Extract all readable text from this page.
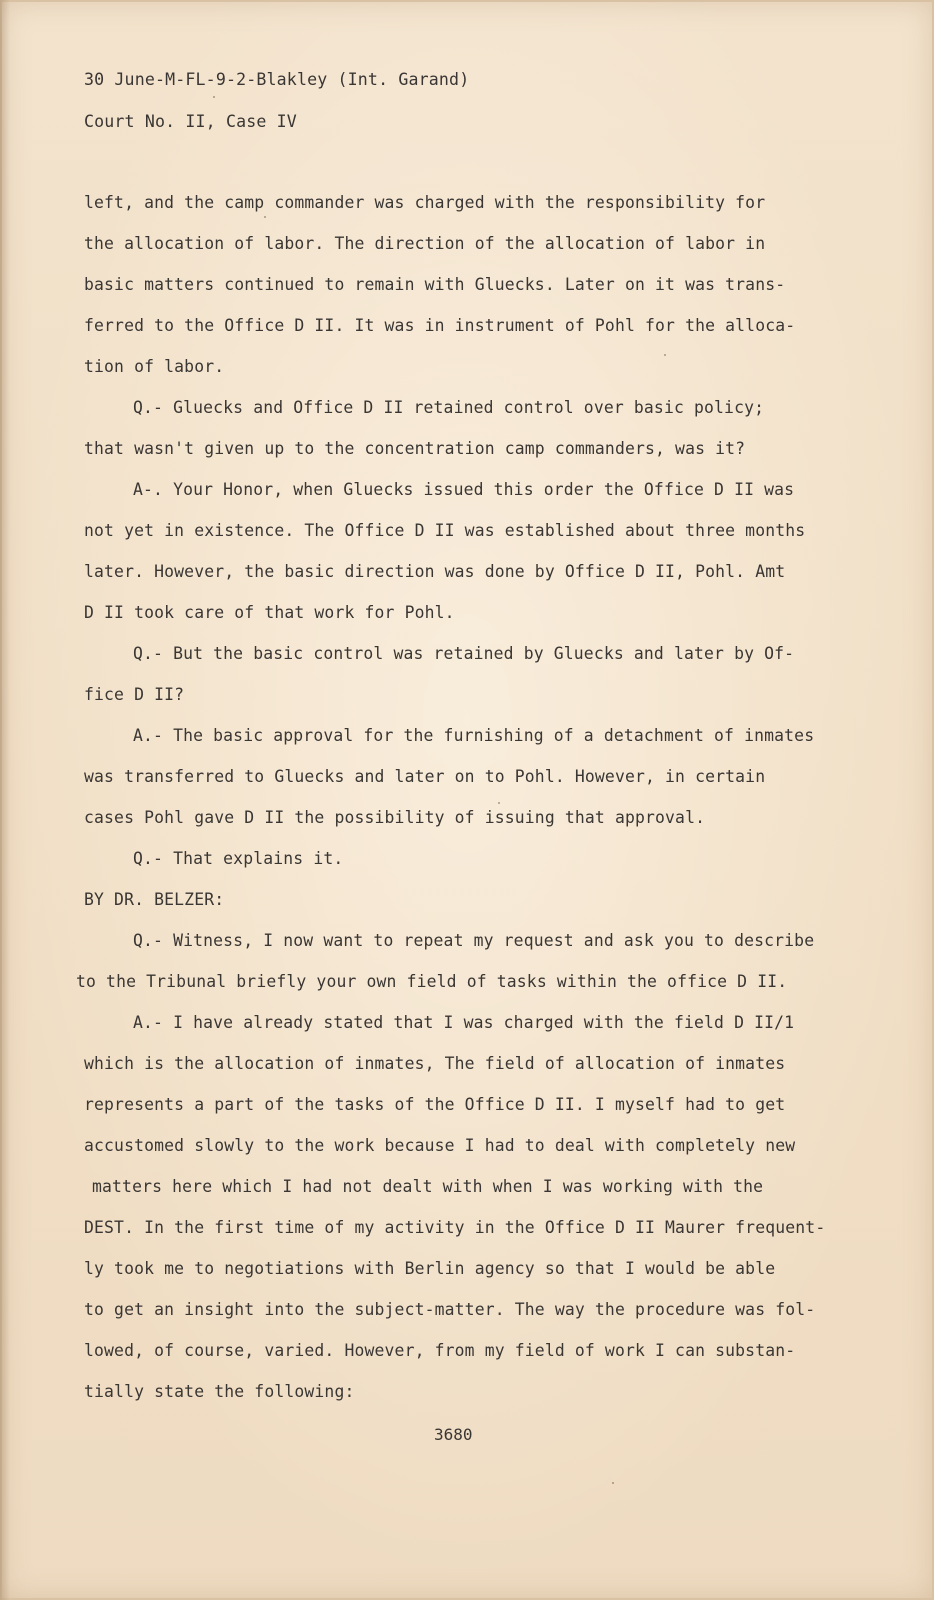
30 June-M-FL-9-2-Blakley (Int. Garand)
Court No. II, Case IV
left, and the camp commander was charged with the responsibility for
the allocation of labor. The direction of the allocation of labor in
basic matters continued to remain with Gluecks. Later on it was trans-
ferred to the Office D II. It was in instrument of Pohl for the alloca-
tion of labor.
Q.- Gluecks and Office D II retained control over basic policy;
that wasn't given up to the concentration camp commanders, was it?
A-. Your Honor, when Gluecks issued this order the Office D II was
not yet in existence. The Office D II was established about three months
later. However, the basic direction was done by Office D II, Pohl. Amt
D II took care of that work for Pohl.
Q.- But the basic control was retained by Gluecks and later by Of-
fice D II?
A.- The basic approval for the furnishing of a detachment of inmates
was transferred to Gluecks and later on to Pohl. However, in certain
cases Pohl gave D II the possibility of issuing that approval.
Q.- That explains it.
BY DR. BELZER:
Q.- Witness, I now want to repeat my request and ask you to describe
to the Tribunal briefly your own field of tasks within the office D II.
A.- I have already stated that I was charged with the field D II/1
which is the allocation of inmates, The field of allocation of inmates
represents a part of the tasks of the Office D II. I myself had to get
accustomed slowly to the work because I had to deal with completely new
matters here which I had not dealt with when I was working with the
DEST. In the first time of my activity in the Office D II Maurer frequent-
ly took me to negotiations with Berlin agency so that I would be able
to get an insight into the subject-matter. The way the procedure was fol-
lowed, of course, varied. However, from my field of work I can substan-
tially state the following:
3680
